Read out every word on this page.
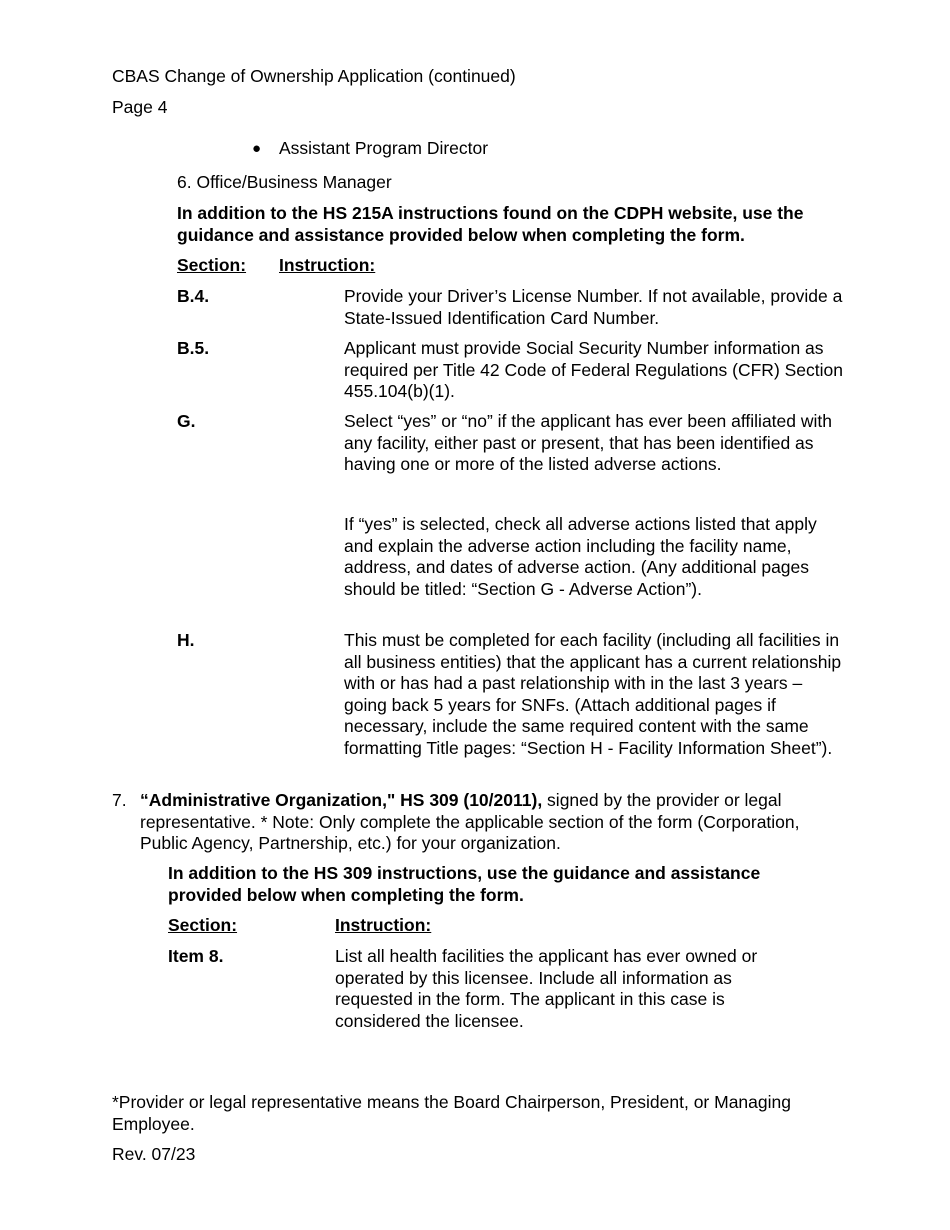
CBAS Change of Ownership Application (continued)
Page 4
● Assistant Program Director
6. Office/Business Manager
In addition to the HS 215A instructions found on the CDPH website, use the guidance and assistance provided below when completing the form.
Section: Instruction:
B.4.	Provide your Driver’s License Number. If not available, provide a State-Issued Identification Card Number.
B.5.	Applicant must provide Social Security Number information as required per Title 42 Code of Federal Regulations (CFR) Section 455.104(b)(1).
G.	Select “yes” or “no” if the applicant has ever been affiliated with any facility, either past or present, that has been identified as having one or more of the listed adverse actions.
If “yes” is selected, check all adverse actions listed that apply and explain the adverse action including the facility name, address, and dates of adverse action. (Any additional pages should be titled: “Section G - Adverse Action”).
H.	This must be completed for each facility (including all facilities in all business entities) that the applicant has a current relationship with or has had a past relationship with in the last 3 years – going back 5 years for SNFs. (Attach additional pages if necessary, include the same required content with the same formatting Title pages: “Section H - Facility Information Sheet”).
7. “Administrative Organization," HS 309 (10/2011), signed by the provider or legal representative. * Note: Only complete the applicable section of the form (Corporation, Public Agency, Partnership, etc.) for your organization.
In addition to the HS 309 instructions, use the guidance and assistance provided below when completing the form.
Section:	Instruction:
Item 8.	List all health facilities the applicant has ever owned or operated by this licensee. Include all information as requested in the form. The applicant in this case is considered the licensee.
*Provider or legal representative means the Board Chairperson, President, or Managing Employee.
Rev. 07/23
